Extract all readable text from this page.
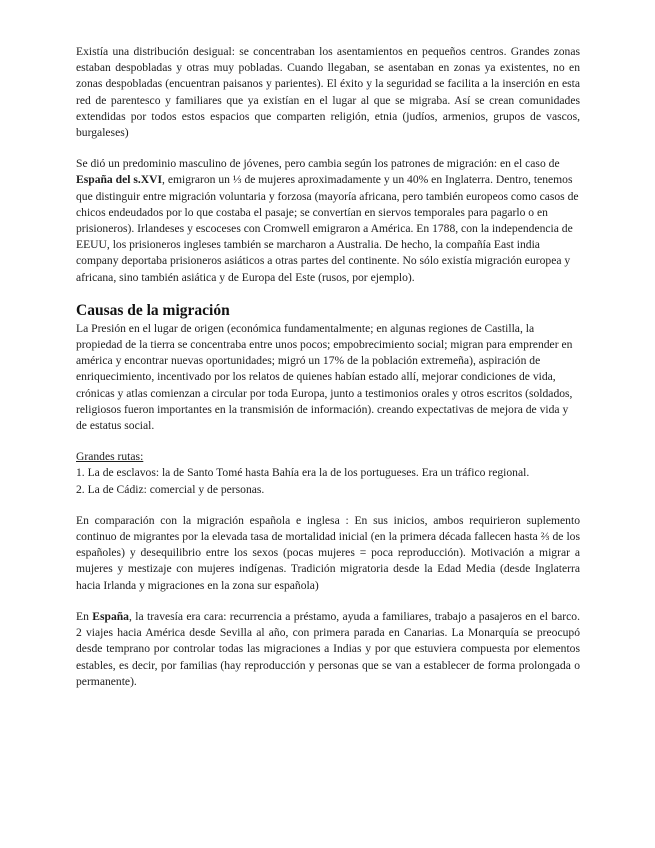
Existía una distribución desigual: se concentraban los asentamientos en pequeños centros. Grandes zonas estaban despobladas y otras muy pobladas. Cuando llegaban, se asentaban en zonas ya existentes, no en zonas despobladas (encuentran paisanos y parientes). El éxito y la seguridad se facilita a la inserción en esta red de parentesco y familiares que ya existían en el lugar al que se migraba. Así se crean comunidades extendidas por todos estos espacios que comparten religión, etnia (judíos, armenios, grupos de vascos, burgaleses)

Se dió un predominio masculino de jóvenes, pero cambia según los patrones de migración: en el caso de España del s.XVI, emigraron un ⅓ de mujeres aproximadamente y un 40% en Inglaterra. Dentro, tenemos que distinguir entre migración voluntaria y forzosa (mayoría africana, pero también europeos como casos de chicos endeudados por lo que costaba el pasaje; se convertían en siervos temporales para pagarlo o en prisioneros). Irlandeses y escoceses con Cromwell emigraron a América. En 1788, con la independencia de EEUU, los prisioneros ingleses también se marcharon a Australia. De hecho, la compañía East india company deportaba prisioneros asiáticos a otras partes del continente. No sólo existía migración europea y africana, sino también asiática y de Europa del Este (rusos, por ejemplo).

Causas de la migración

La Presión en el lugar de origen (económica fundamentalmente; en algunas regiones de Castilla, la propiedad de la tierra se concentraba entre unos pocos; empobrecimiento social; migran para emprender en américa y encontrar nuevas oportunidades; migró un 17% de la población extremeña), aspiración de enriquecimiento, incentivado por los relatos de quienes habían estado allí, mejorar condiciones de vida, crónicas y atlas comienzan a circular por toda Europa, junto a testimonios orales y otros escritos (soldados, religiosos fueron importantes en la transmisión de información). creando expectativas de mejora de vida y de estatus social.

Grandes rutas:

1. La de esclavos: la de Santo Tomé hasta Bahía era la de los portugueses. Era un tráfico regional.

2. La de Cádiz: comercial y de personas.

En comparación con la migración española e inglesa : En sus inicios, ambos requirieron suplemento continuo de migrantes por la elevada tasa de mortalidad inicial (en la primera década fallecen hasta ⅔ de los españoles) y desequilibrio entre los sexos (pocas mujeres = poca reproducción). Motivación a migrar a mujeres y mestizaje con mujeres indígenas. Tradición migratoria desde la Edad Media (desde Inglaterra hacia Irlanda y migraciones en la zona sur española)

En España, la travesía era cara: recurrencia a préstamo, ayuda a familiares, trabajo a pasajeros en el barco. 2 viajes hacia América desde Sevilla al año, con primera parada en Canarias. La Monarquía se preocupó desde temprano por controlar todas las migraciones a Indias y por que estuviera compuesta por elementos estables, es decir, por familias (hay reproducción y personas que se van a establecer de forma prolongada o permanente).
